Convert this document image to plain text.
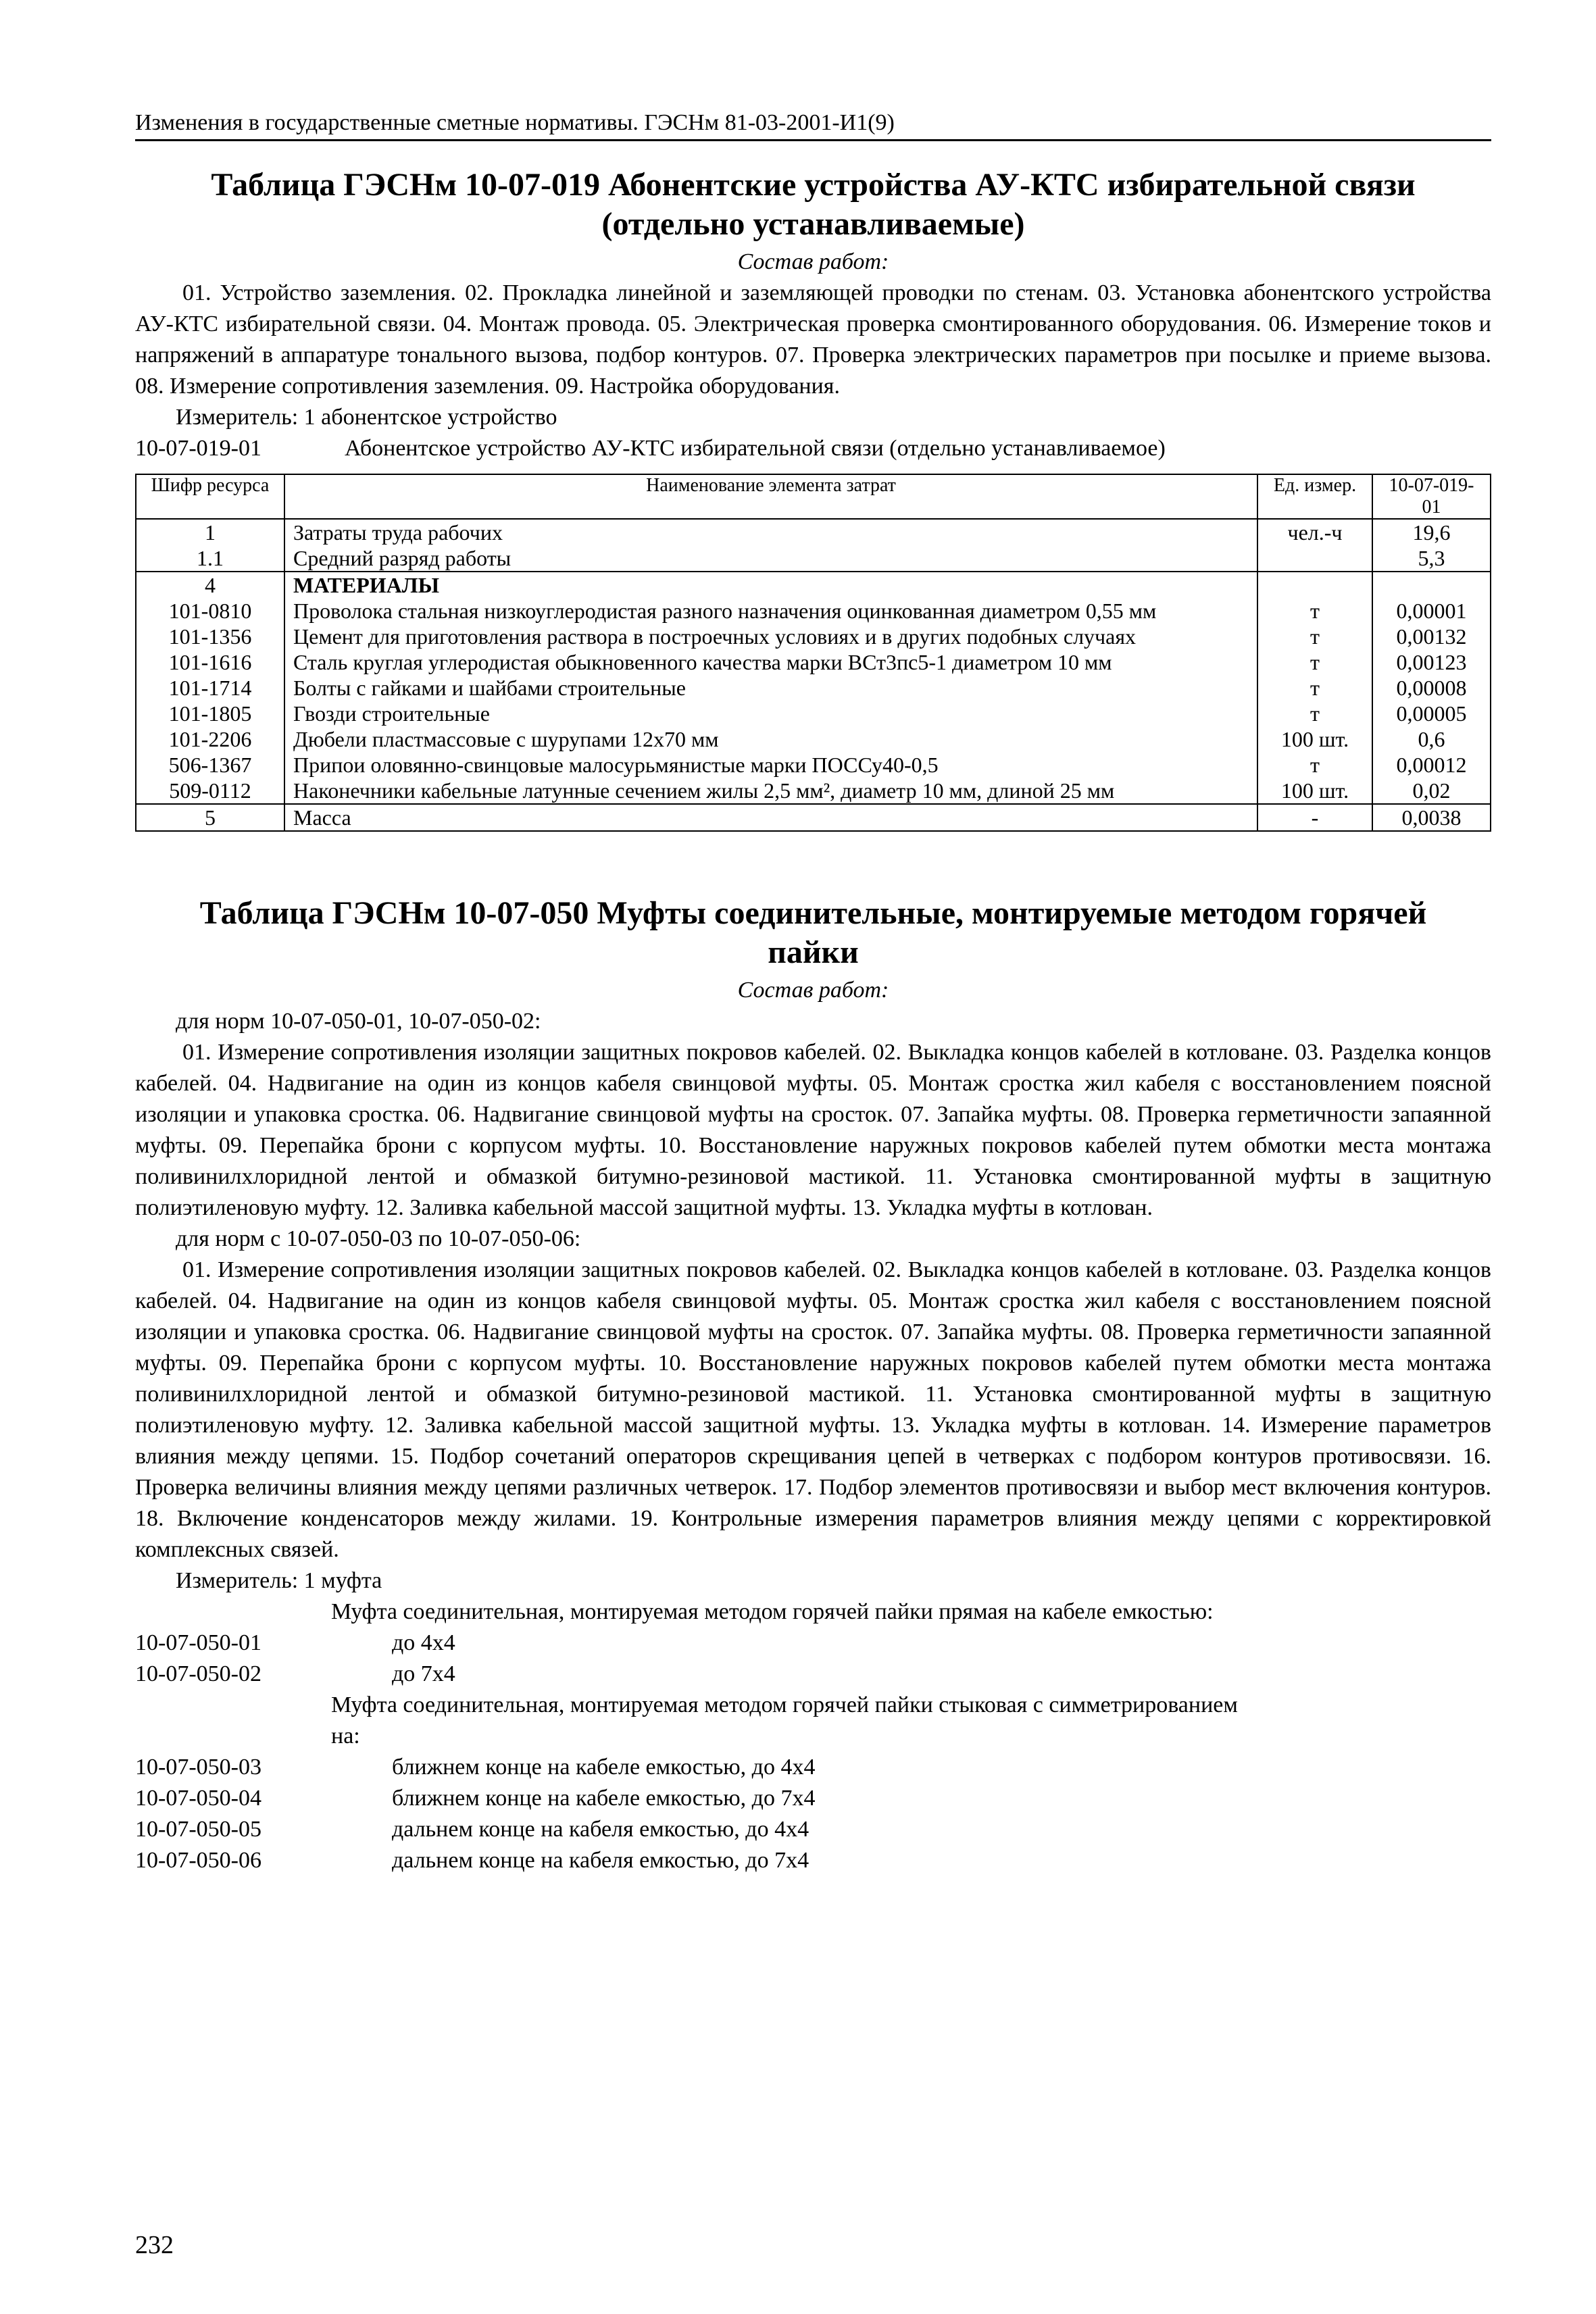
Изменения в государственные сметные нормативы. ГЭСНм 81-03-2001-И1(9)
Таблица ГЭСНм 10-07-019 Абонентские устройства АУ-КТС избирательной связи
(отдельно устанавливаемые)

Состав работ:

01. Устройство заземления. 02. Прокладка линейной и заземляющей проводки по стенам. 03. Установка абонентского устройства АУ-КТС избирательной связи. 04. Монтаж провода. 05. Электрическая проверка смонтированного оборудования. 06. Измерение токов и напряжений в аппаратуре тонального вызова, подбор контуров. 07. Проверка электрических параметров при посылке и приеме вызова. 08. Измерение сопротивления заземления. 09. Настройка оборудования.

Измеритель: 1 абонентское устройство

10-07-019-01	Абонентское устройство АУ-КТС избирательной связи (отдельно устанавливаемое)
Шифр ресурса	Наименование элемента затрат	Ед. измер.	10-07-019-01
1	Затраты труда рабочих	чел.-ч	19,6
1.1	Средний разряд работы		5,3
4	МАТЕРИАЛЫ		
101-0810	Проволока стальная низкоуглеродистая разного назначения оцинкованная диаметром 0,55 мм	т	0,00001
101-1356	Цемент для приготовления раствора в построечных условиях и в других подобных случаях	т	0,00132
101-1616	Сталь круглая углеродистая обыкновенного качества марки ВСт3пс5-1 диаметром 10 мм	т	0,00123
101-1714	Болты с гайками и шайбами строительные	т	0,00008
101-1805	Гвозди строительные	т	0,00005
101-2206	Дюбели пластмассовые с шурупами 12х70 мм	100 шт.	0,6
506-1367	Припои оловянно-свинцовые малосурьмянистые марки ПОССу40-0,5	т	0,00012
509-0112	Наконечники кабельные латунные сечением жилы 2,5 мм², диаметр 10 мм, длиной 25 мм	100 шт.	0,02
5	Масса	-	0,0038
Таблица ГЭСНм 10-07-050 Муфты соединительные, монтируемые методом горячей
пайки

Состав работ:

для норм 10-07-050-01, 10-07-050-02:

01. Измерение сопротивления изоляции защитных покровов кабелей. 02. Выкладка концов кабелей в котловане. 03. Разделка концов кабелей. 04. Надвигание на один из концов кабеля свинцовой муфты. 05. Монтаж сростка жил кабеля с восстановлением поясной изоляции и упаковка сростка. 06. Надвигание свинцовой муфты на сросток. 07. Запайка муфты. 08. Проверка герметичности запаянной муфты. 09. Перепайка брони с корпусом муфты. 10. Восстановление наружных покровов кабелей путем обмотки места монтажа поливинилхлоридной лентой и обмазкой битумно-резиновой мастикой. 11. Установка смонтированной муфты в защитную полиэтиленовую муфту. 12. Заливка кабельной массой защитной муфты. 13. Укладка муфты в котлован.

для норм с 10-07-050-03 по 10-07-050-06:

01. Измерение сопротивления изоляции защитных покровов кабелей. 02. Выкладка концов кабелей в котловане. 03. Разделка концов кабелей. 04. Надвигание на один из концов кабеля свинцовой муфты. 05. Монтаж сростка жил кабеля с восстановлением поясной изоляции и упаковка сростка. 06. Надвигание свинцовой муфты на сросток. 07. Запайка муфты. 08. Проверка герметичности запаянной муфты. 09. Перепайка брони с корпусом муфты. 10. Восстановление наружных покровов кабелей путем обмотки места монтажа поливинилхлоридной лентой и обмазкой битумно-резиновой мастикой. 11. Установка смонтированной муфты в защитную полиэтиленовую муфту. 12. Заливка кабельной массой защитной муфты. 13. Укладка муфты в котлован. 14. Измерение параметров влияния между цепями. 15. Подбор сочетаний операторов скрещивания цепей в четверках с подбором контуров противосвязи. 16. Проверка величины влияния между цепями различных четверок. 17. Подбор элементов противосвязи и выбор мест включения контуров. 18. Включение конденсаторов между жилами. 19. Контрольные измерения параметров влияния между цепями с корректировкой комплексных связей.

Измеритель: 1 муфта

Муфта соединительная, монтируемая методом горячей пайки прямая на кабеле емкостью:
10-07-050-01	до 4х4
10-07-050-02	до 7х4
Муфта соединительная, монтируемая методом горячей пайки стыковая с симметрированием
на:
10-07-050-03	ближнем конце на кабеле емкостью, до 4х4
10-07-050-04	ближнем конце на кабеле емкостью, до 7х4
10-07-050-05	дальнем конце на кабеля емкостью, до 4х4
10-07-050-06	дальнем конце на кабеля емкостью, до 7х4
232
